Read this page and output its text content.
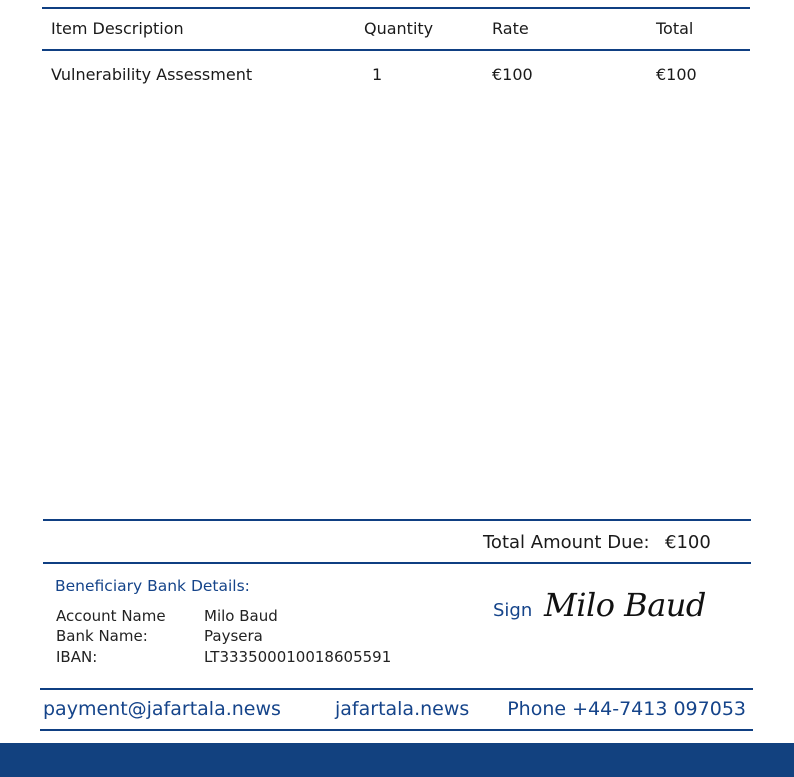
Item Description	Quantity	Rate	Total
Vulnerability Assessment	1	€100	€100
Total Amount Due: €100
Beneficiary Bank Details:
Account Name	Milo Baud
Bank Name:	Paysera
IBAN:	LT333500010018605591
Sign Milo Baud
payment@jafartala.news	jafartala.news Phone +44-7413 097053
